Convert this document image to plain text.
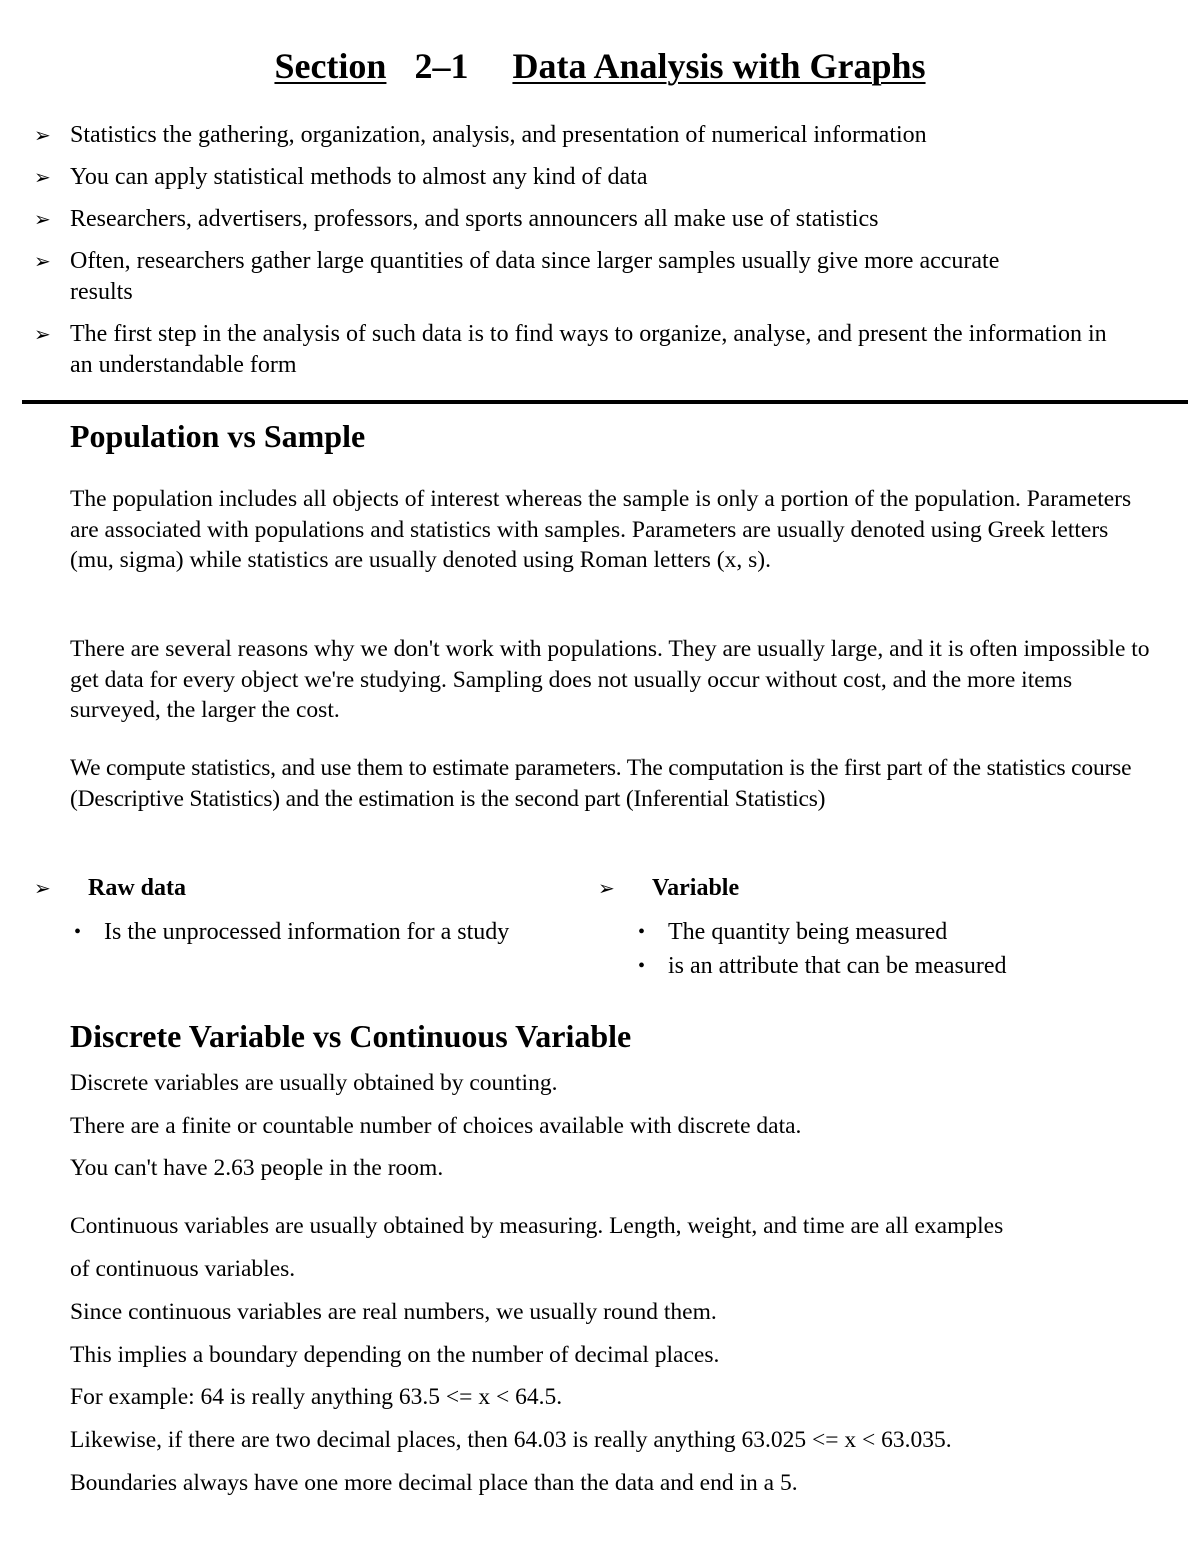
Section 2–1 Data Analysis with Graphs
➢ Statistics the gathering, organization, analysis, and presentation of numerical information
➢ You can apply statistical methods to almost any kind of data
➢ Researchers, advertisers, professors, and sports announcers all make use of statistics
➢ Often, researchers gather large quantities of data since larger samples usually give more accurate results
➢ The first step in the analysis of such data is to find ways to organize, analyse, and present the information in an understandable form
Population vs Sample

The population includes all objects of interest whereas the sample is only a portion of the population. Parameters are associated with populations and statistics with samples. Parameters are usually denoted using Greek letters (mu, sigma) while statistics are usually denoted using Roman letters (x, s).

There are several reasons why we don't work with populations. They are usually large, and it is often impossible to get data for every object we're studying. Sampling does not usually occur without cost, and the more items surveyed, the larger the cost.

We compute statistics, and use them to estimate parameters. The computation is the first part of the statistics course (Descriptive Statistics) and the estimation is the second part (Inferential Statistics)

➢ Raw data
• Is the unprocessed information for a study
➢ Variable
• The quantity being measured
• is an attribute that can be measured
Discrete Variable vs Continuous Variable

Discrete variables are usually obtained by counting.

There are a finite or countable number of choices available with discrete data.

You can't have 2.63 people in the room.

Continuous variables are usually obtained by measuring. Length, weight, and time are all examples

of continuous variables.

Since continuous variables are real numbers, we usually round them.

This implies a boundary depending on the number of decimal places.

For example: 64 is really anything 63.5 <= x < 64.5.

Likewise, if there are two decimal places, then 64.03 is really anything 63.025 <= x < 63.035.

Boundaries always have one more decimal place than the data and end in a 5.
